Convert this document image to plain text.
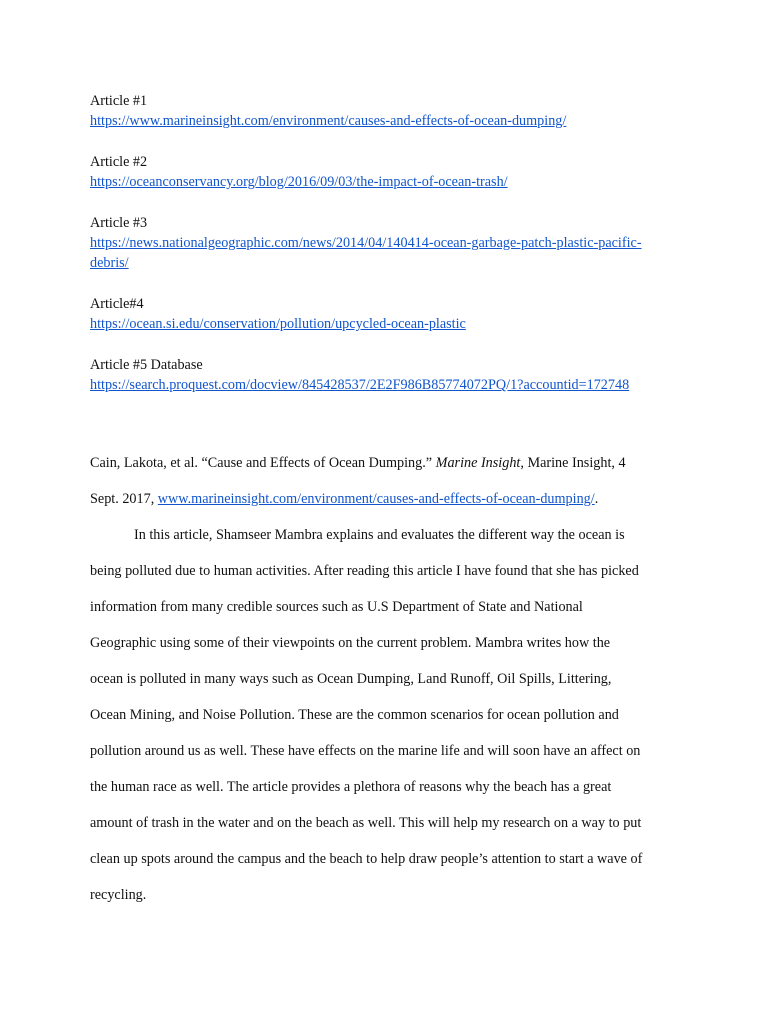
Article #1
https://www.marineinsight.com/environment/causes-and-effects-of-ocean-dumping/
Article #2
https://oceanconservancy.org/blog/2016/09/03/the-impact-of-ocean-trash/
Article #3
https://news.nationalgeographic.com/news/2014/04/140414-ocean-garbage-patch-plastic-pacific-
debris/
Article#4
https://ocean.si.edu/conservation/pollution/upcycled-ocean-plastic
Article #5 Database
https://search.proquest.com/docview/845428537/2E2F986B85774072PQ/1?accountid=172748
Cain, Lakota, et al. “Cause and Effects of Ocean Dumping.” Marine Insight, Marine Insight, 4
Sept. 2017, www.marineinsight.com/environment/causes-and-effects-of-ocean-dumping/.

In this article, Shamseer Mambra explains and evaluates the different way the ocean is
being polluted due to human activities. After reading this article I have found that she has picked
information from many credible sources such as U.S Department of State and National
Geographic using some of their viewpoints on the current problem. Mambra writes how the
ocean is polluted in many ways such as Ocean Dumping, Land Runoff, Oil Spills, Littering,
Ocean Mining, and Noise Pollution. These are the common scenarios for ocean pollution and
pollution around us as well. These have effects on the marine life and will soon have an affect on
the human race as well. The article provides a plethora of reasons why the beach has a great
amount of trash in the water and on the beach as well. This will help my research on a way to put
clean up spots around the campus and the beach to help draw people’s attention to start a wave of
recycling.
